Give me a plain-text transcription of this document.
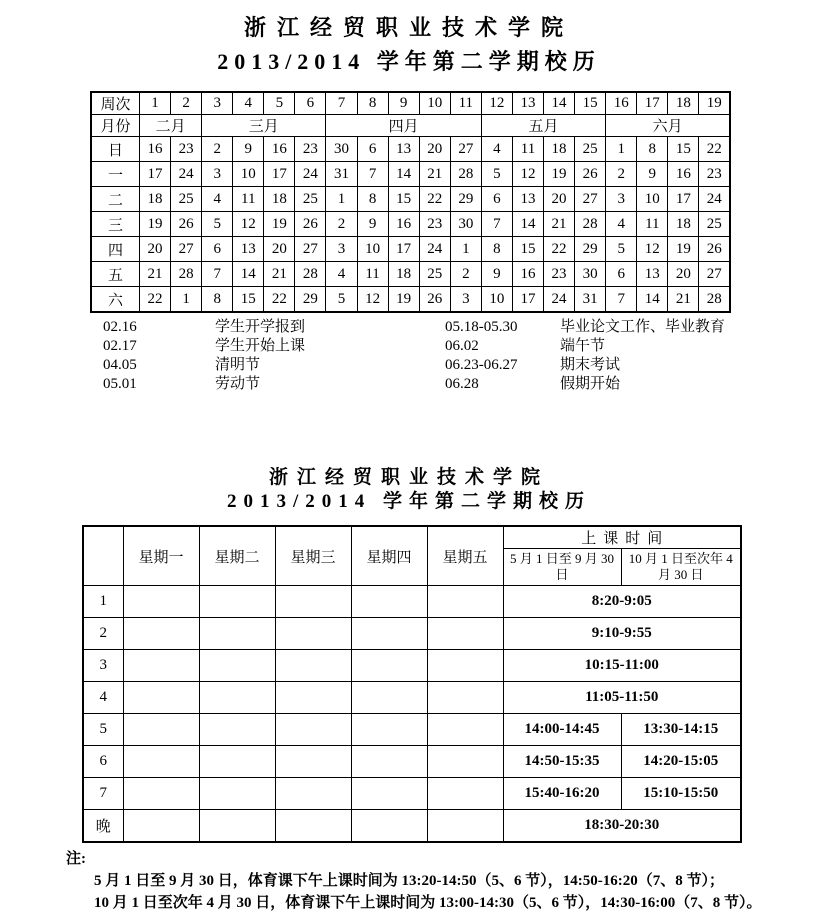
浙江经贸职业技术学院
2013/2014 学年第二学期校历
周次	1	2	3	4	5	6	7	8	9	10	11	12	13	14	15	16	17	18	19
月份	二月		三月				四月					五月				六月			
日	16	23	2	9	16	23	30	6	13	20	27	4	11	18	25	1	8	15	22
一	17	24	3	10	17	24	31	7	14	21	28	5	12	19	26	2	9	16	23
二	18	25	4	11	18	25	1	8	15	22	29	6	13	20	27	3	10	17	24
三	19	26	5	12	19	26	2	9	16	23	30	7	14	21	28	4	11	18	25
四	20	27	6	13	20	27	3	10	17	24	1	8	15	22	29	5	12	19	26
五	21	28	7	14	21	28	4	11	18	25	2	9	16	23	30	6	13	20	27
六	22	1	8	15	22	29	5	12	19	26	3	10	17	24	31	7	14	21	28
02.16	学生开学报到	05.18-05.30	毕业论文工作、毕业教育
02.17	学生开始上课	06.02	端午节
04.05	清明节	06.23-06.27	期末考试
05.01	劳动节	06.28	假期开始
浙江经贸职业技术学院
2013/2014 学年第二学期校历
	星期一	星期二	星期三	星期四	星期五	上课时间	
						5 月 1 日至 9 月 30 日	10 月 1 日至次年 4 月 30 日
1						8:20-9:05	
2						9:10-9:55	
3						10:15-11:00	
4						11:05-11:50	
5						14:00-14:45	13:30-14:15
6						14:50-15:35	14:20-15:05
7						15:40-16:20	15:10-15:50
晚						18:30-20:30	
注:
5 月 1 日至 9 月 30 日，体育课下午上课时间为 13:20-14:50（5、6 节），14:50-16:20（7、8 节）；
10 月 1 日至次年 4 月 30 日，体育课下午上课时间为 13:00-14:30（5、6 节），14:30-16:00（7、8 节）。
